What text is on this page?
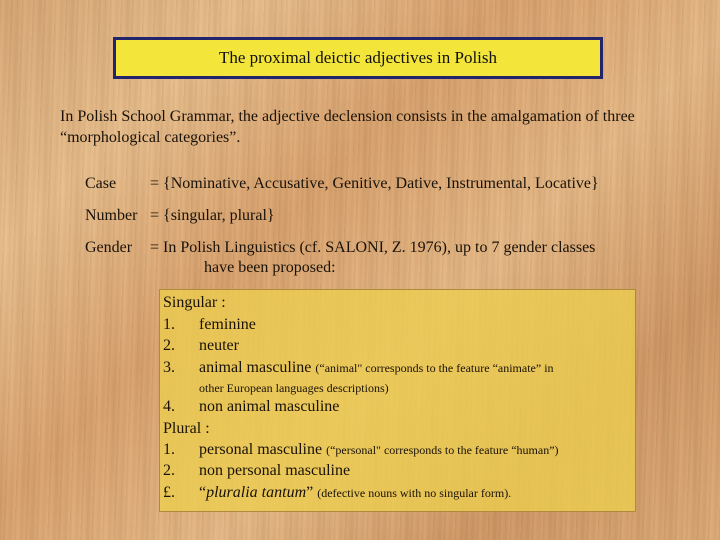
The proximal deictic adjectives in Polish
In Polish School Grammar, the adjective declension consists in the amalgamation of three “morphological categories”.
Case = {Nominative, Accusative, Genitive, Dative, Instrumental, Locative}
Number = {singular, plural}
Gender = In Polish Linguistics (cf. SALONI, Z. 1976), up to 7 gender classes
have been proposed:
Singular :
1. feminine
2. neuter
3. animal masculine (“animal" corresponds to the feature “animate” in
other European languages descriptions)
4. non animal masculine
Plural :
1. personal masculine (“personal" corresponds to the feature “human”)
2. non personal masculine
£. “pluralia tantum” (defective nouns with no singular form).
